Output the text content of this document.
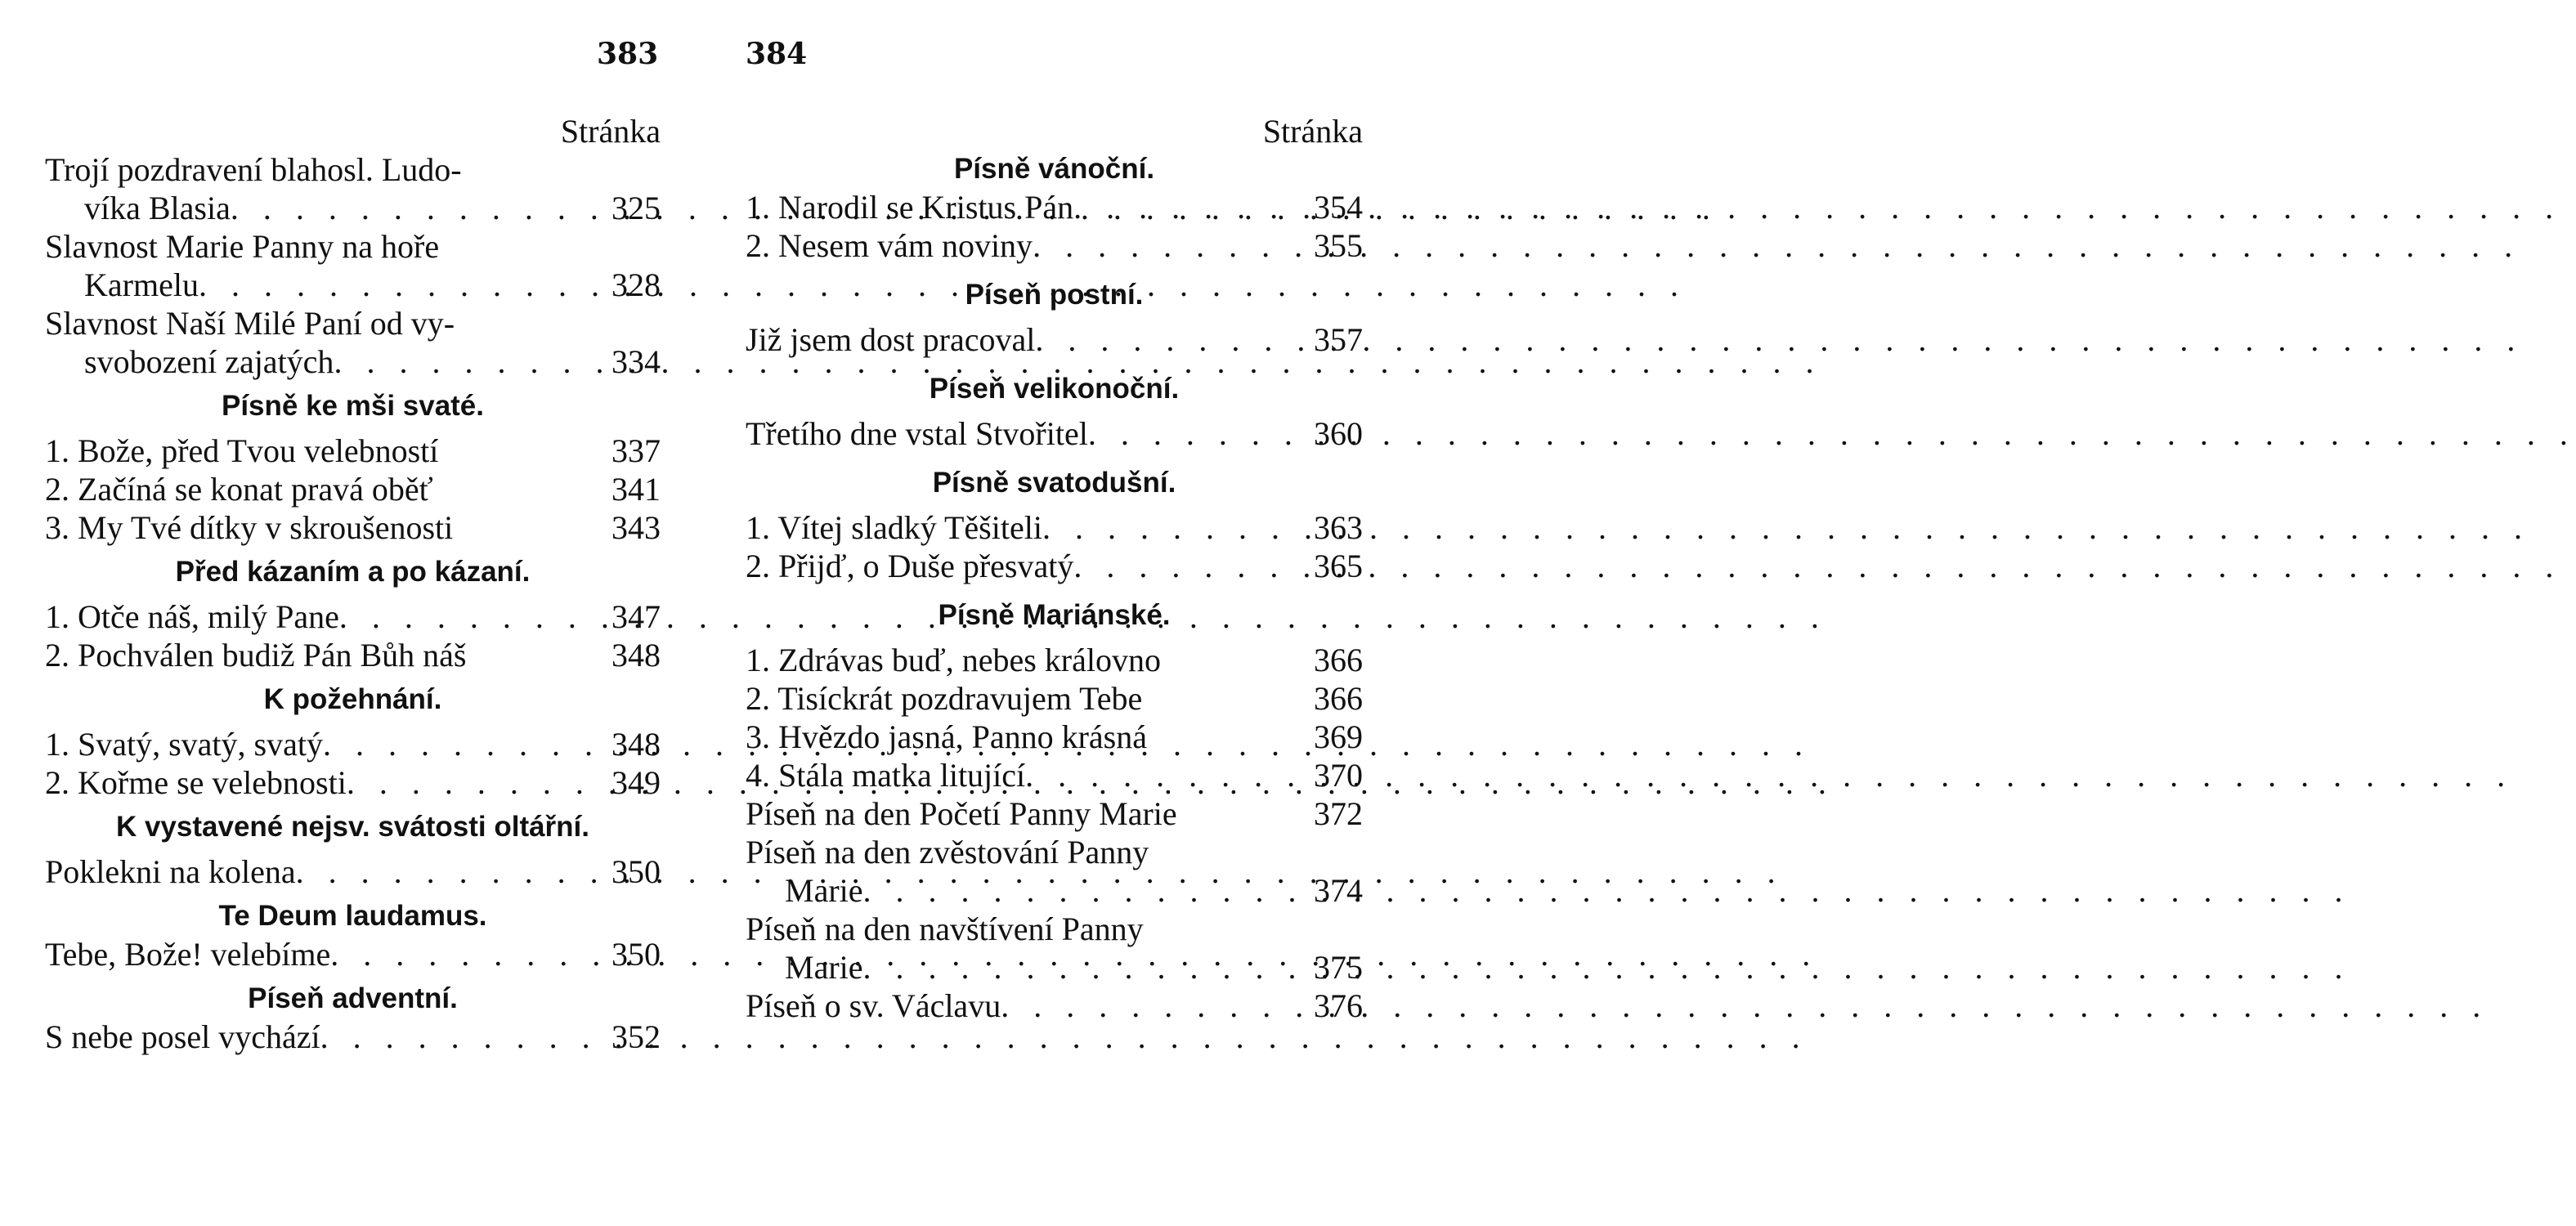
383	384
Stránka
Trojí pozdravení blahosl. Ludo-
víka Blasia . . .	325
Slavnost Marie Panny na hoře
Karmelu . . .	328
Slavnost Naší Milé Paní od vy-
svobození zajatých . . .	334
Písně ke mši svaté.
1. Bože, před Tvou velebností	337
2. Začíná se konat pravá oběť	341
3. My Tvé dítky v skroušenosti	343
Před kázaním a po kázaní.
1. Otče náš, milý Pane . . .	347
2. Pochválen budiž Pán Bůh náš	348
K požehnání.
1. Svatý, svatý, svatý . . .	348
2. Kořme se velebnosti . . .	349
K vystavené nejsv. svátosti oltářní.
Poklekni na kolena . . .	350
Te Deum laudamus.
Tebe, Bože! velebíme . . .	350
Píseň adventní.
S nebe posel vychází . . .	352
Stránka
Písně vánoční.
1. Narodil se Kristus Pán . . .	354
2. Nesem vám noviny . . .	355
Píseň postní.
Již jsem dost pracoval . . .	357
Píseň velikonoční.
Třetího dne vstal Stvořitel . . .	360
Písně svatodušní.
1. Vítej sladký Těšiteli . . .	363
2. Přijď, o Duše přesvatý . . .	365
Písně Mariánské.
1. Zdrávas buď, nebes královno	366
2. Tisíckrát pozdravujem Tebe	366
3. Hvězdo jasná, Panno krásná	369
4. Stála matka litující . . .	370
Píseň na den Početí Panny Marie	372
Píseň na den zvěstování Panny
Marie . . .	374
Píseň na den navštívení Panny
Marie . . .	375
Píseň o sv. Václavu . . .	376
